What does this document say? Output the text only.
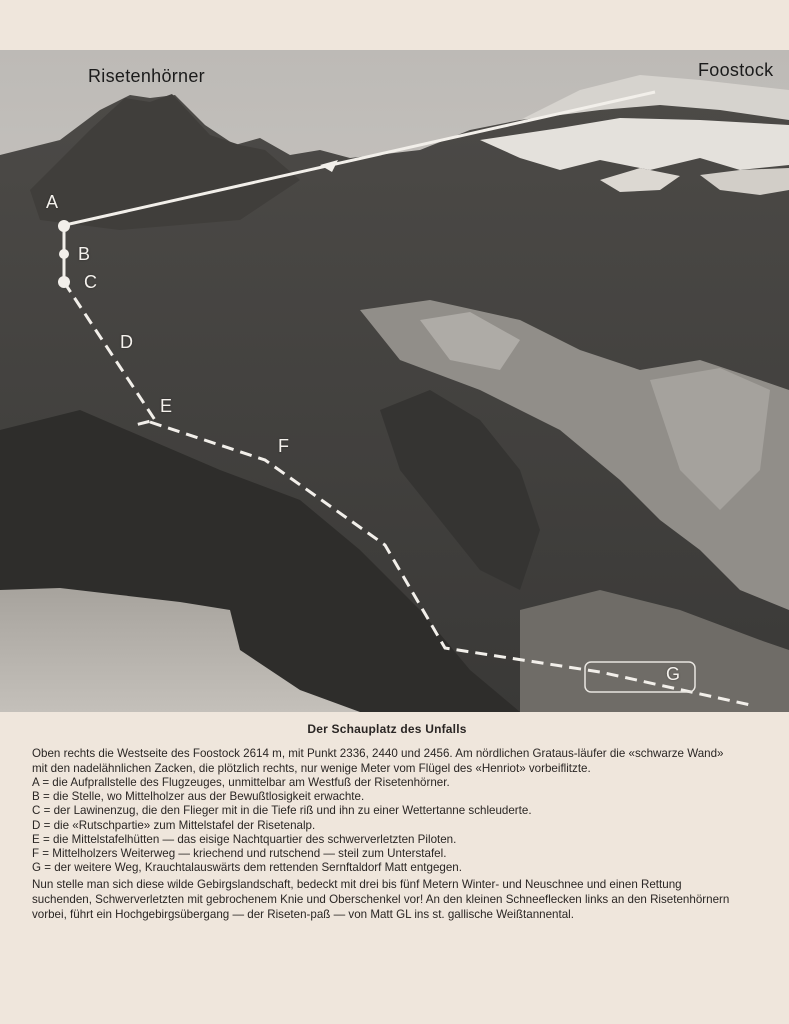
Risetenhörner	Foostock
A
B
C
D
E
F
G

Der Schauplatz des Unfalls

Oben rechts die Westseite des Foostock 2614 m, mit Punkt 2336, 2440 und 2456. Am nördlichen Grataus-läufer die «schwarze Wand» mit den nadelähnlichen Zacken, die plötzlich rechts, nur wenige Meter vom Flügel des «Henriot» vorbeiflitzte.

A = die Aufprallstelle des Flugzeuges, unmittelbar am Westfuß der Risetenhörner.
B = die Stelle, wo Mittelholzer aus der Bewußtlosigkeit erwachte.
C = der Lawinenzug, die den Flieger mit in die Tiefe riß und ihn zu einer Wettertanne schleuderte.
D = die «Rutschpartie» zum Mittelstafel der Risetenalp.
E = die Mittelstafelhütten — das eisige Nachtquartier des schwerverletzten Piloten.
F = Mittelholzers Weiterweg — kriechend und rutschend — steil zum Unterstafel.
G = der weitere Weg, Krauchtalauswärts dem rettenden Sernftaldorf Matt entgegen.

Nun stelle man sich diese wilde Gebirgslandschaft, bedeckt mit drei bis fünf Metern Winter- und Neuschnee und einen Rettung suchenden, Schwerverletzten mit gebrochenem Knie und Oberschenkel vor! An den kleinen Schneeflecken links an den Risetenhörnern vorbei, führt ein Hochgebirgsübergang — der Riseten-paß — von Matt GL ins st. gallische Weißtannental.
